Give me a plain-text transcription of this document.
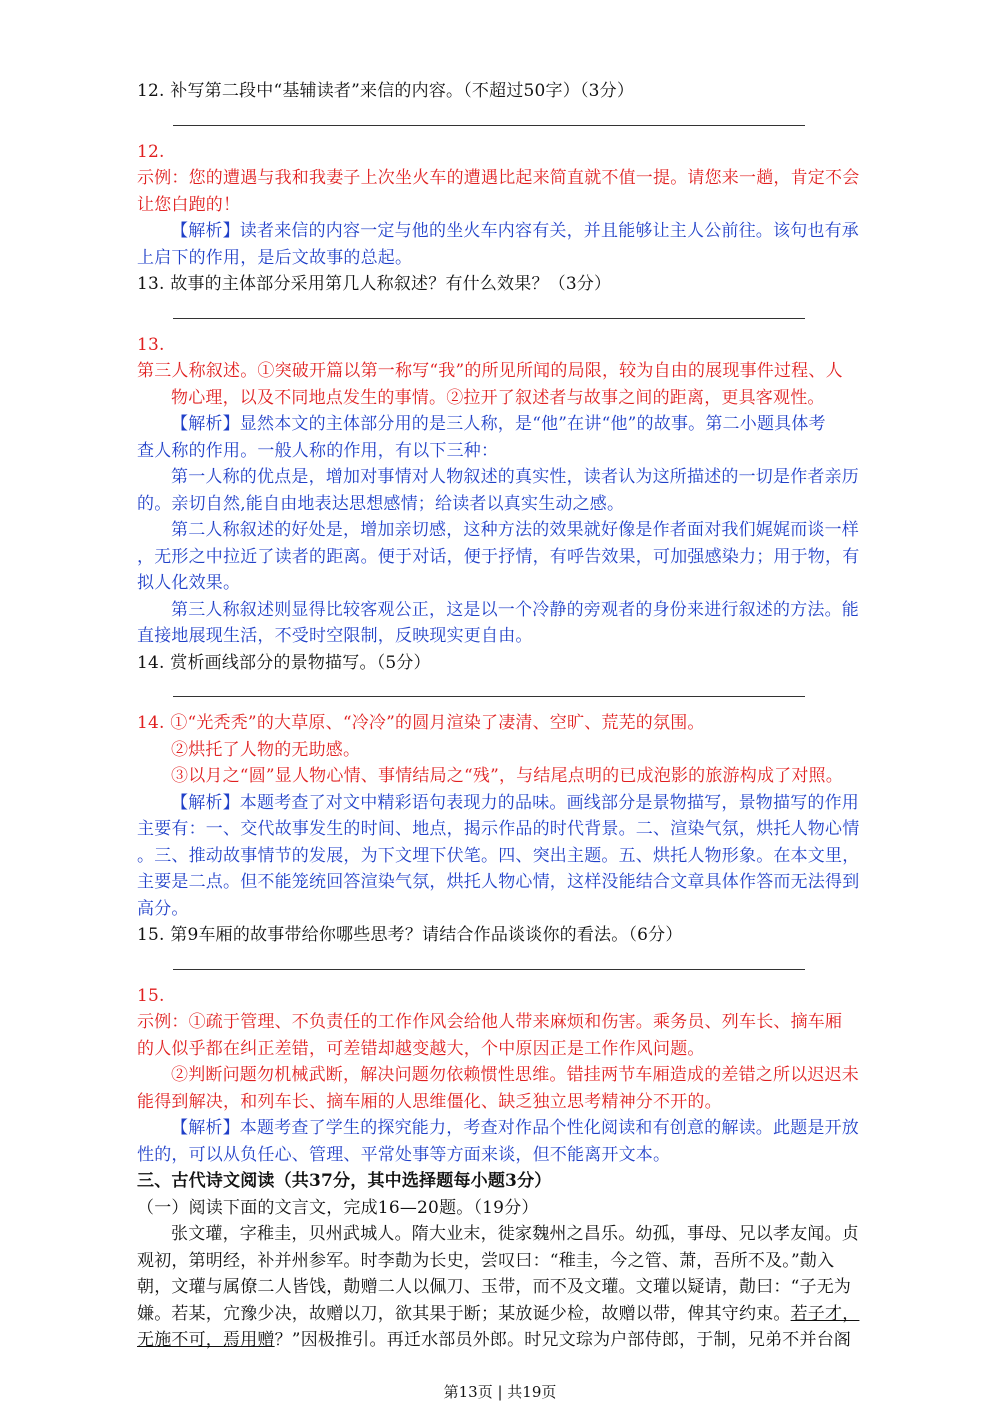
12. 补写第二段中“基辅读者”来信的内容。（不超过50字）（3分）
12.
示例：您的遭遇与我和我妻子上次坐火车的遭遇比起来简直就不值一提。请您来一趟，肯定不会
让您白跑的！
【解析】读者来信的内容一定与他的坐火车内容有关，并且能够让主人公前往。该句也有承
上启下的作用，是后文故事的总起。
13. 故事的主体部分采用第几人称叙述？有什么效果？（3分）
13.
第三人称叙述。①突破开篇以第一称写“我”的所见所闻的局限，较为自由的展现事件过程、人
物心理，以及不同地点发生的事情。②拉开了叙述者与故事之间的距离，更具客观性。
【解析】显然本文的主体部分用的是三人称，是“他”在讲“他”的故事。第二小题具体考
查人称的作用。一般人称的作用，有以下三种：
第一人称的优点是，增加对事情对人物叙述的真实性，读者认为这所描述的一切是作者亲历
的。亲切自然,能自由地表达思想感情；给读者以真实生动之感。
第二人称叙述的好处是，增加亲切感，这种方法的效果就好像是作者面对我们娓娓而谈一样
，无形之中拉近了读者的距离。便于对话，便于抒情，有呼告效果，可加强感染力；用于物，有
拟人化效果。
第三人称叙述则显得比较客观公正，这是以一个冷静的旁观者的身份来进行叙述的方法。能
直接地展现生活，不受时空限制，反映现实更自由。
14. 赏析画线部分的景物描写。（5分）
14. ①“光秃秃”的大草原、“冷冷”的圆月渲染了凄清、空旷、荒芜的氛围。
②烘托了人物的无助感。
③以月之“圆”显人物心情、事情结局之“残”，与结尾点明的已成泡影的旅游构成了对照。
【解析】本题考查了对文中精彩语句表现力的品味。画线部分是景物描写，景物描写的作用
主要有：一、交代故事发生的时间、地点，揭示作品的时代背景。二、渲染气氛，烘托人物心情
。三、推动故事情节的发展，为下文埋下伏笔。四、突出主题。五、烘托人物形象。在本文里，
主要是二点。但不能笼统回答渲染气氛，烘托人物心情，这样没能结合文章具体作答而无法得到
高分。
15. 第9车厢的故事带给你哪些思考？请结合作品谈谈你的看法。（6分）
15.
示例：①疏于管理、不负责任的工作作风会给他人带来麻烦和伤害。乘务员、列车长、摘车厢
的人似乎都在纠正差错，可差错却越变越大，个中原因正是工作作风问题。
②判断问题勿机械武断，解决问题勿依赖惯性思维。错挂两节车厢造成的差错之所以迟迟未
能得到解决，和列车长、摘车厢的人思维僵化、缺乏独立思考精神分不开的。
【解析】本题考查了学生的探究能力，考查对作品个性化阅读和有创意的解读。此题是开放
性的，可以从负任心、管理、平常处事等方面来谈，但不能离开文本。
三、古代诗文阅读（共37分，其中选择题每小题3分）
（一）阅读下面的文言文，完成16—20题。（19分）
张文瓘，字稚圭，贝州武城人。隋大业末，徙家魏州之昌乐。幼孤，事母、兄以孝友闻。贞
观初，第明经，补并州参军。时李勣为长史，尝叹曰：“稚圭，今之管、萧，吾所不及。”勣入
朝，文瓘与属僚二人皆饯，勣赠二人以佩刀、玉带，而不及文瓘。文瓘以疑请，勣曰：“子无为
嫌。若某，宂豫少决，故赠以刀，欲其果于断；某放诞少检，故赠以带，俾其守约束。若子才，
无施不可，焉用赠？”因极推引。再迁水部员外郎。时兄文琮为户部侍郎，于制，兄弟不并台阁
第13页 | 共19页
